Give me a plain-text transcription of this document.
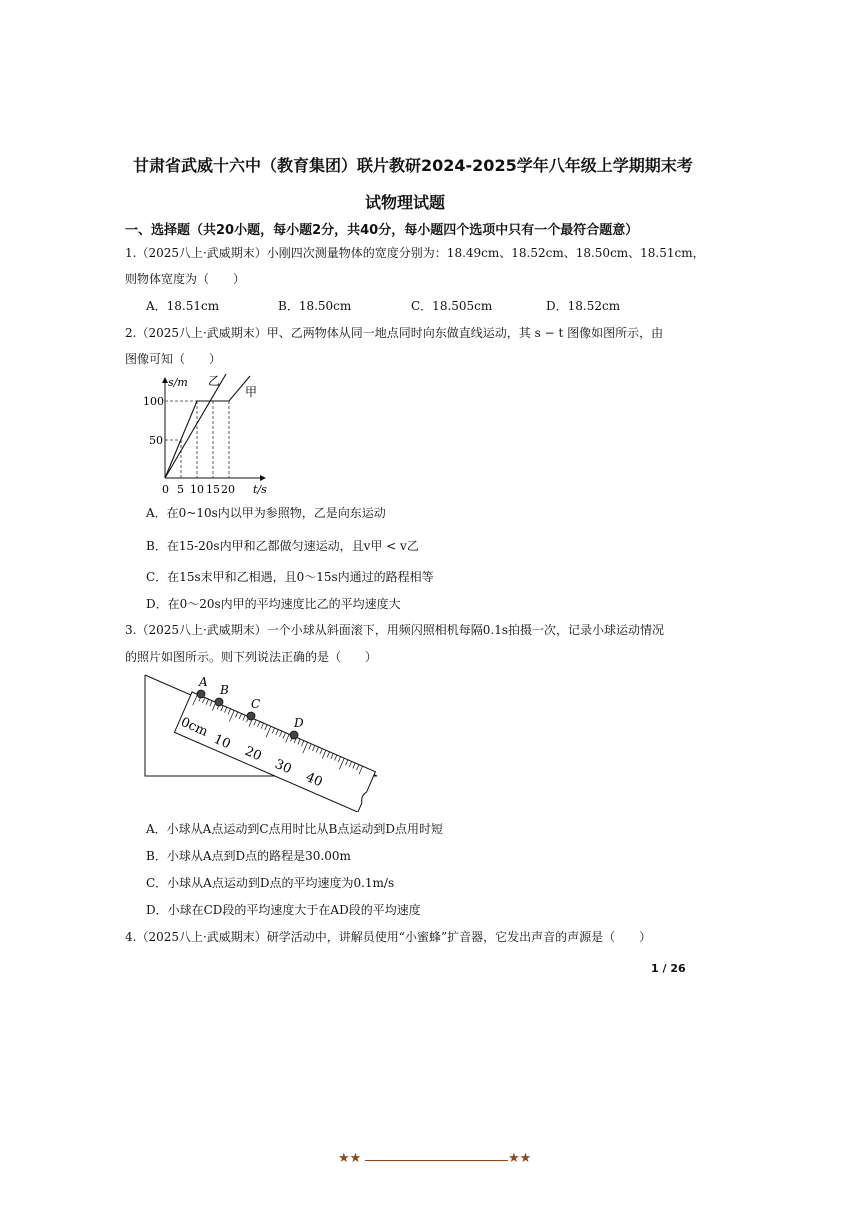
甘肃省武威十六中（教育集团）联片教研2024-2025学年八年级上学期期末考
试物理试题
一、选择题（共20小题，每小题2分，共40分，每小题四个选项中只有一个最符合题意）
1.（2025八上·武威期末）小刚四次测量物体的宽度分别为：18.49cm、18.52cm、18.50cm、18.51cm，
则物体宽度为（　　）
A．18.51cm	B．18.50cm	C．18.505cm	D．18.52cm
2.（2025八上·武威期末）甲、乙两物体从同一地点同时向东做直线运动，其 s − t 图像如图所示，由
图像可知（　　）
s/m
t/s
100
50
0 5 10 15 20
乙
甲
A．在0~10s内以甲为参照物，乙是向东运动
B．在15-20s内甲和乙都做匀速运动，且v甲 < v乙
C．在15s末甲和乙相遇，且0～15s内通过的路程相等
D．在0～20s内甲的平均速度比乙的平均速度大
3.（2025八上·武威期末）一个小球从斜面滚下，用频闪照相机每隔0.1s拍摄一次，记录小球运动情况
的照片如图所示。则下列说法正确的是（　　）
0cm
10
20
30
40
A
B
C
D
A．小球从A点运动到C点用时比从B点运动到D点用时短
B．小球从A点到D点的路程是30.00m
C．小球从A点运动到D点的平均速度为0.1m/s
D．小球在CD段的平均速度大于在AD段的平均速度
4.（2025八上·武威期末）研学活动中，讲解员使用“小蜜蜂”扩音器，它发出声音的声源是（　　）
1 / 26
★★	★★
